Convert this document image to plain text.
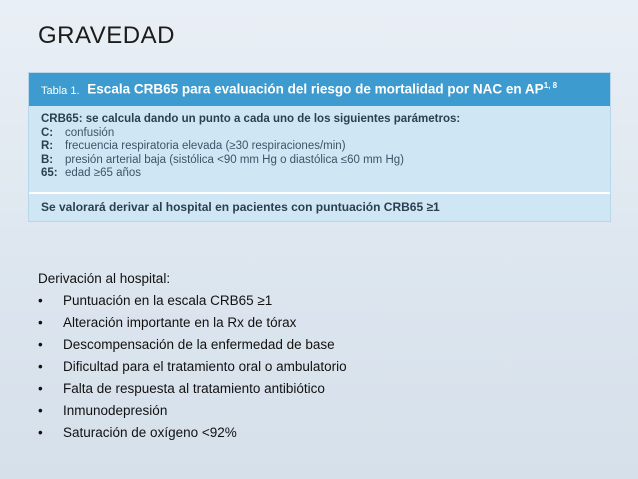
GRAVEDAD
Tabla 1. Escala CRB65 para evaluación del riesgo de mortalidad por NAC en AP$^{1, 8}$
CRB65: se calcula dando un punto a cada uno de los siguientes parámetros:
C: confusión
R: frecuencia respiratoria elevada (≥30 respiraciones/min)
B: presión arterial baja (sistólica <90 mm Hg o diastólica ≤60 mm Hg)
65: edad ≥65 años
Se valorará derivar al hospital en pacientes con puntuación CRB65 ≥1
Derivación al hospital:
• Puntuación en la escala CRB65 ≥1
• Alteración importante en la Rx de tórax
• Descompensación de la enfermedad de base
• Dificultad para el tratamiento oral o ambulatorio
• Falta de respuesta al tratamiento antibiótico
• Inmunodepresión
• Saturación de oxígeno <92%
